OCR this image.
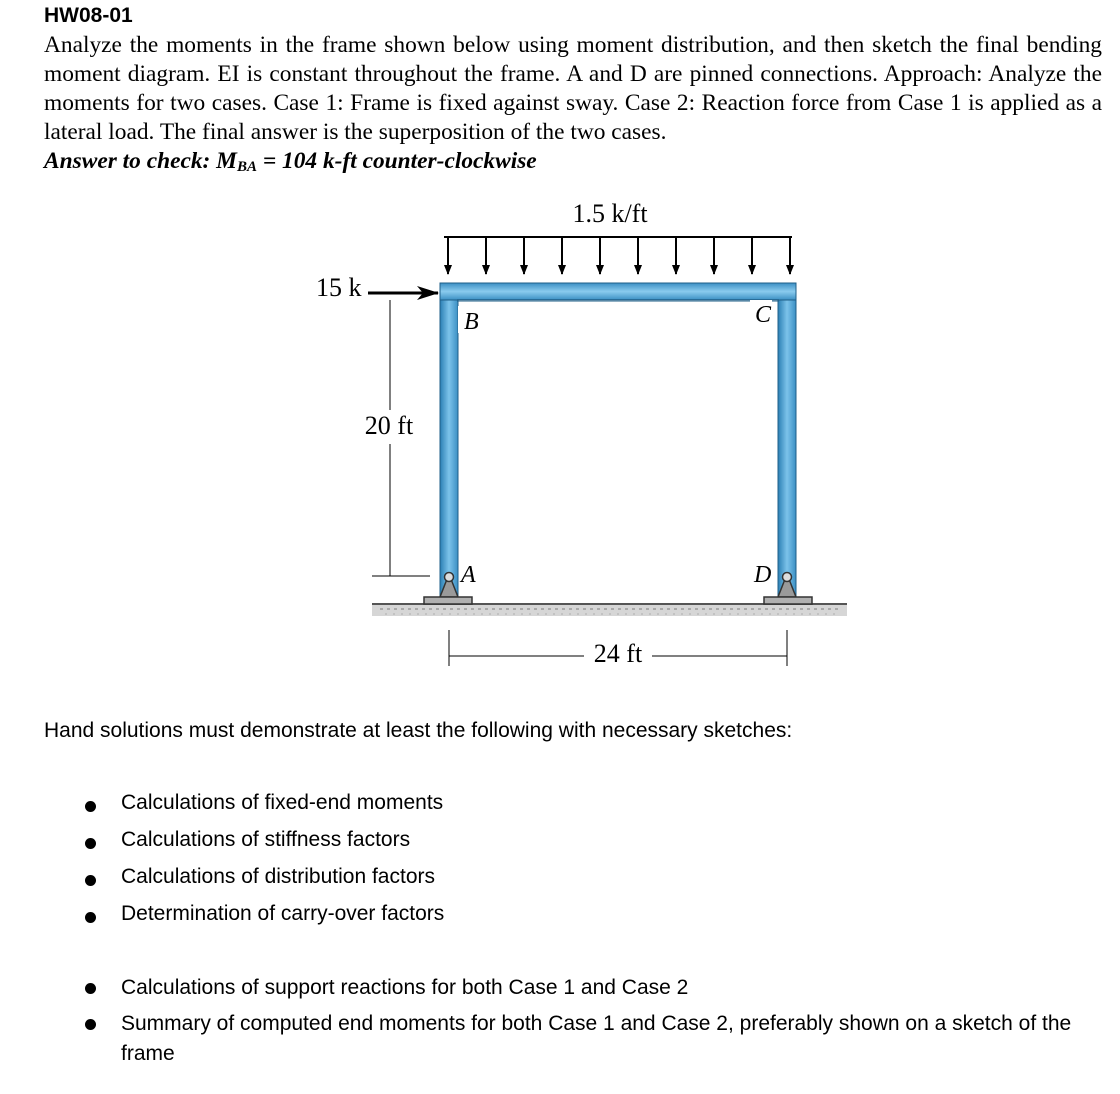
HW08-01

Analyze the moments in the frame shown below using moment distribution, and then sketch the final bending moment diagram. EI is constant throughout the frame. A and D are pinned connections. Approach: Analyze the moments for two cases. Case 1: Frame is fixed against sway. Case 2: Reaction force from Case 1 is applied as a lateral load. The final answer is the superposition of the two cases.

Answer to check: $M_{BA} = 104$ k-ft counter-clockwise
1.5 k/ft
15 k
20 ft
24 ft
B	C
A	D
Hand solutions must demonstrate at least the following with necessary sketches:
Calculations of fixed-end moments
Calculations of stiffness factors
Calculations of distribution factors
Determination of carry-over factors
Calculations of support reactions for both Case 1 and Case 2
Summary of computed end moments for both Case 1 and Case 2, preferably shown on a sketch of the frame
